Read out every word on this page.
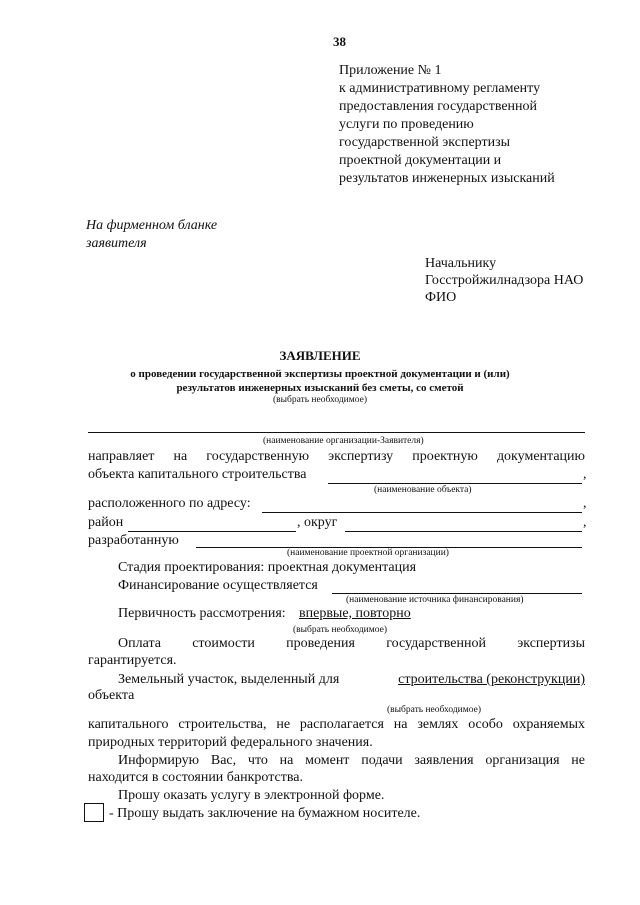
38
Приложение № 1
к административному регламенту
предоставления государственной
услуги по проведению
государственной экспертизы
проектной документации и
результатов инженерных изысканий
На фирменном бланке
заявителя
Начальнику
Госстройжилнадзора НАО
ФИО
ЗАЯВЛЕНИЕ
о проведении государственной экспертизы проектной документации и (или)
результатов инженерных изысканий без сметы, со сметой
(выбрать необходимое)
(наименование организации-Заявителя)
направляет на государственную экспертизу проектную документацию
объекта капитального строительства	,
(наименование объекта)
расположенного по адресу:	,
район	, округ	,
разработанную
(наименование проектной организации)
Стадия проектирования: проектная документация
Финансирование осуществляется
(наименование источника финансирования)
Первичность рассмотрения: впервые, повторно
(выбрать необходимое)
Оплата стоимости проведения государственной экспертизы
гарантируется.
Земельный участок, выделенный для	строительства (реконструкции)
объекта
(выбрать необходимое)
капитального строительства, не располагается на землях особо охраняемых
природных территорий федерального значения.
Информирую Вас, что на момент подачи заявления организация не
находится в состоянии банкротства.
Прошу оказать услугу в электронной форме.
- Прошу выдать заключение на бумажном носителе.
